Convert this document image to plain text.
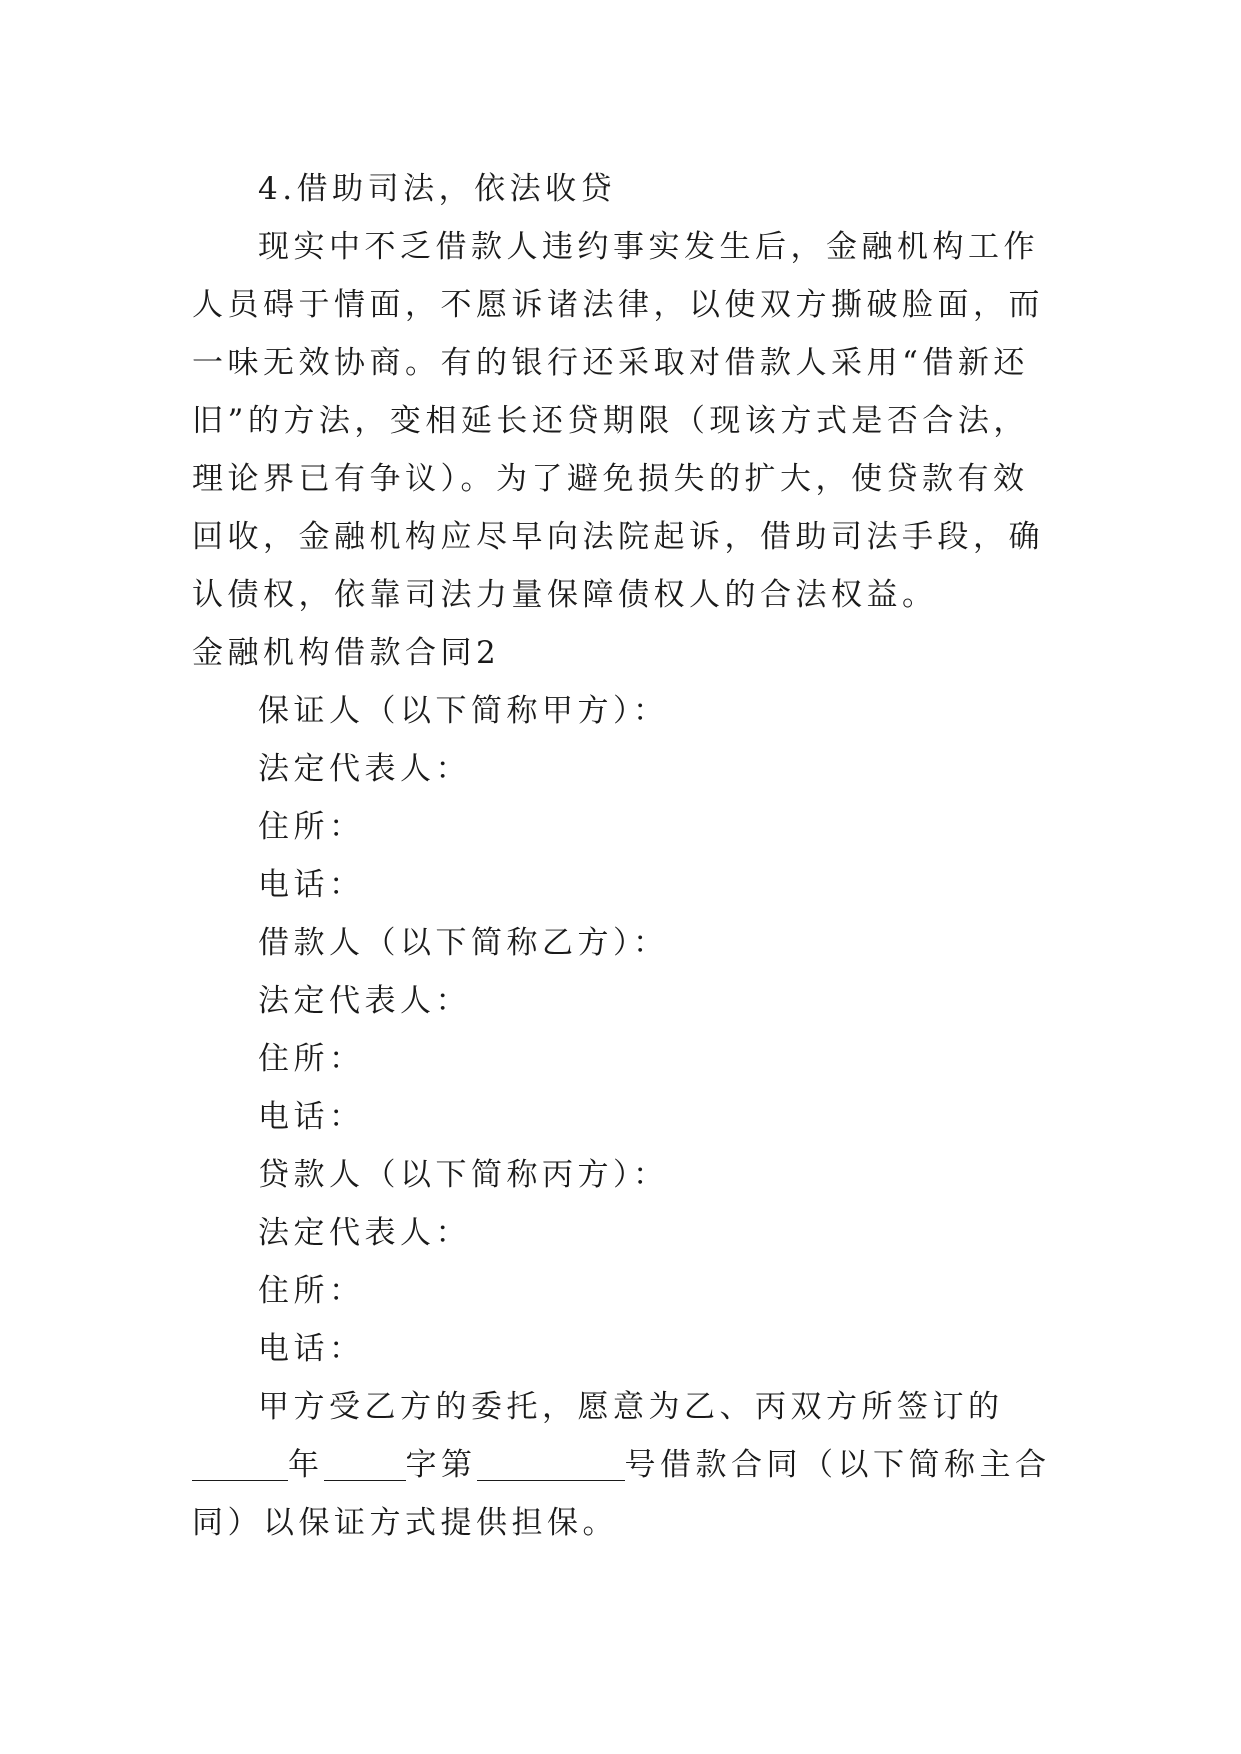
4.借助司法，依法收贷

现实中不乏借款人违约事实发生后，金融机构工作人员碍于情面，不愿诉诸法律，以使双方撕破脸面，而一味无效协商。有的银行还采取对借款人采用“借新还旧”的方法，变相延长还贷期限（现该方式是否合法，理论界已有争议）。为了避免损失的扩大，使贷款有效回收，金融机构应尽早向法院起诉，借助司法手段，确认债权，依靠司法力量保障债权人的合法权益。

金融机构借款合同2

保证人（以下简称甲方）：

法定代表人：

住所：

电话：

借款人（以下简称乙方）：

法定代表人：

住所：

电话：

贷款人（以下简称丙方）：

法定代表人：

住所：

电话：

甲方受乙方的委托，愿意为乙、丙双方所签订的年	字第	号借款合同（以下简称主合同）以保证方式提供担保。
